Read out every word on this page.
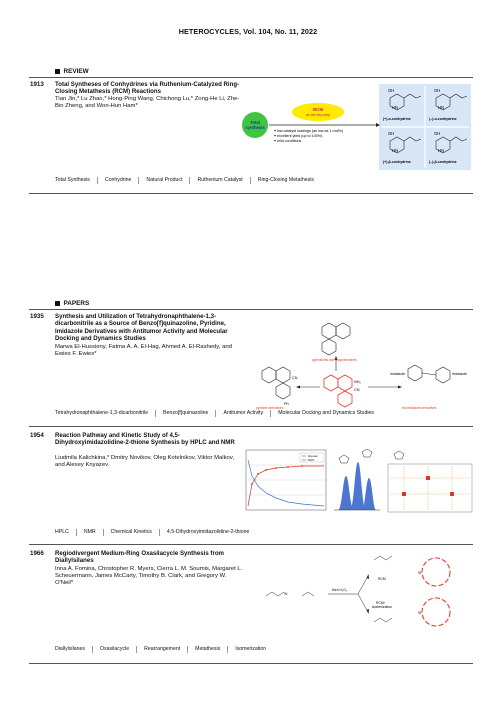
HETEROCYCLES, Vol. 104, No. 11, 2022
REVIEW
1913 Total Syntheses of Conhydrines via Ruthenium-Catalyzed Ring-Closing Metathesis (RCM) Reactions
Tian Jin,* Lu Zhao,* Hong-Ping Wang, Chichong Lu,* Zong-He Li, Zhe-Bin Zheng, and Won-Hun Ham*
OH	OH
OH	OH
HN	HN
HN	HN
(+)-α-conhydrine	(–)-α-conhydrine
(+)-β-conhydrine	(–)-β-conhydrine
Total
synthesis
RCM
as the key step
low catalyst loadings (as low as 1 mol%)
excellent yield (up to 100%)
mild conditions
Total Synthesis	Conhydrine	Natural Product	Ruthenium Catalyst	Ring-Closing Metathesis
PAPERS
1935 Synthesis and Utilization of Tetrahydronaphthalene-1,3-dicarbonitrile as a Source of Benzo[f]quinazoline, Pyridine, Imidazole Derivatives with Antitumor Activity and Molecular Docking and Dynamics Studies
Marwa El-Hussieny, Fatma A. A. El-Hag, Ahmed A. El-Rashedy, and Ewies F. Ewies*
NH₂
CN
CN
Ph
pyrimidines and thiopyrimidines
pyridine derivatives	bis imidazole derivatives
imidazole	imidazole
Tetrahydronaphthalene-1,3-dicarbonitrile	Benzo[f]quinazoline	Antitumor Activity	Molecular Docking and Dynamics Studies
1954 Reaction Pathway and Kinetic Study of 4,5-Dihydroxyimidazolidine-2-thione Synthesis by HPLC and NMR
Liudmila Kalichkina,* Dmitry Novikov, Oleg Kotelnikov, Viktor Malkov, and Alexey Knyazev
Glyoxal
DHIT
HPLC	NMR	Chemical Kinetics	4,5-Dihydroxyimidazolidine-2-thione
1966 Regiodivergent Medium-Ring Oxasilacycle Synthesis from Diallylsilanes
Inna A. Fomina, Christopher R. Myers, Cierra L. M. Soumis, Margaret L. Scheuermann, James McCarty, Timothy B. Clark, and Gregory W. O'Neil*
Si
then H₂O₂
RCM
RCM/
isomerization
Si
Si
Diallylsilanes	Oxasilacycle	Rearrangement	Metathesis	Isomerization
